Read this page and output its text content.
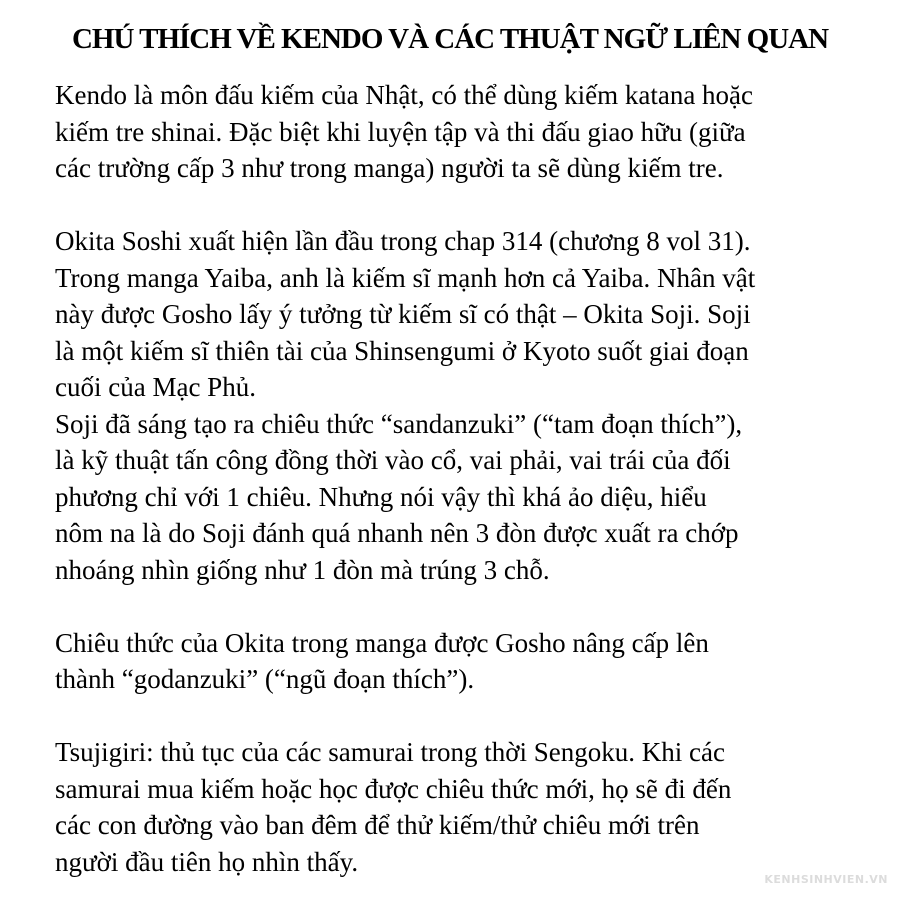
CHÚ THÍCH VỀ KENDO VÀ CÁC THUẬT NGỮ LIÊN QUAN
Kendo là môn đấu kiếm của Nhật, có thể dùng kiếm katana hoặc
kiếm tre shinai. Đặc biệt khi luyện tập và thi đấu giao hữu (giữa
các trường cấp 3 như trong manga) người ta sẽ dùng kiếm tre.
Okita Soshi xuất hiện lần đầu trong chap 314 (chương 8 vol 31).
Trong manga Yaiba, anh là kiếm sĩ mạnh hơn cả Yaiba. Nhân vật
này được Gosho lấy ý tưởng từ kiếm sĩ có thật – Okita Soji. Soji
là một kiếm sĩ thiên tài của Shinsengumi ở Kyoto suốt giai đoạn
cuối của Mạc Phủ.
Soji đã sáng tạo ra chiêu thức “sandanzuki” (“tam đoạn thích”),
là kỹ thuật tấn công đồng thời vào cổ, vai phải, vai trái của đối
phương chỉ với 1 chiêu. Nhưng nói vậy thì khá ảo diệu, hiểu
nôm na là do Soji đánh quá nhanh nên 3 đòn được xuất ra chớp
nhoáng nhìn giống như 1 đòn mà trúng 3 chỗ.
Chiêu thức của Okita trong manga được Gosho nâng cấp lên
thành “godanzuki” (“ngũ đoạn thích”).
Tsujigiri: thủ tục của các samurai trong thời Sengoku. Khi các
samurai mua kiếm hoặc học được chiêu thức mới, họ sẽ đi đến
các con đường vào ban đêm để thử kiếm/thử chiêu mới trên
người đầu tiên họ nhìn thấy.
KENHSINHVIEN.VN
